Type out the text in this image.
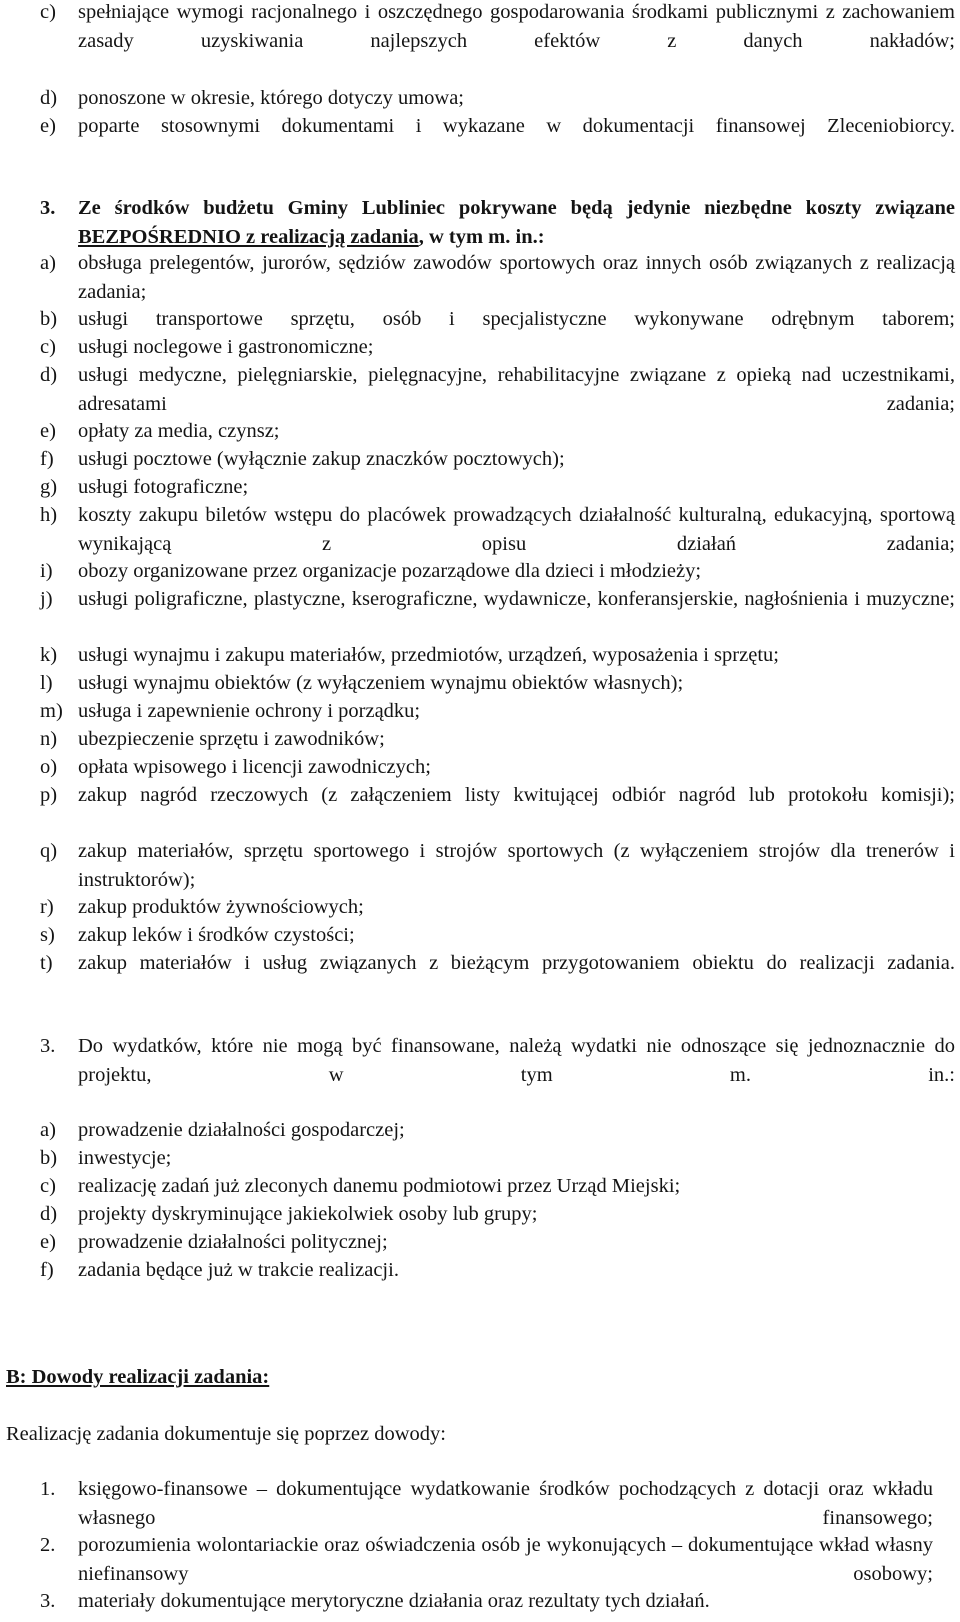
c) spełniające wymogi racjonalnego i oszczędnego gospodarowania środkami publicznymi z zachowaniem zasady uzyskiwania najlepszych efektów z danych nakładów;
d) ponoszone w okresie, którego dotyczy umowa;
e) poparte stosownymi dokumentami i wykazane w dokumentacji finansowej Zleceniobiorcy.
3. Ze środków budżetu Gminy Lubliniec pokrywane będą jedynie niezbędne koszty związane BEZPOŚREDNIO z realizacją zadania, w tym m. in.:
a) obsługa prelegentów, jurorów, sędziów zawodów sportowych oraz innych osób związanych z realizacją zadania;
b) usługi transportowe sprzętu, osób i specjalistyczne wykonywane odrębnym taborem;
c) usługi noclegowe i gastronomiczne;
d) usługi medyczne, pielęgniarskie, pielęgnacyjne, rehabilitacyjne związane z opieką nad uczestnikami, adresatami zadania;
e) opłaty za media, czynsz;
f) usługi pocztowe (wyłącznie zakup znaczków pocztowych);
g) usługi fotograficzne;
h) koszty zakupu biletów wstępu do placówek prowadzących działalność kulturalną, edukacyjną, sportową wynikającą z opisu działań zadania;
i) obozy organizowane przez organizacje pozarządowe dla dzieci i młodzieży;
j) usługi poligraficzne, plastyczne, kserograficzne, wydawnicze, konferansjerskie, nagłośnienia i muzyczne;
k) usługi wynajmu i zakupu materiałów, przedmiotów, urządzeń, wyposażenia i sprzętu;
l) usługi wynajmu obiektów (z wyłączeniem wynajmu obiektów własnych);
m) usługa i zapewnienie ochrony i porządku;
n) ubezpieczenie sprzętu i zawodników;
o) opłata wpisowego i licencji zawodniczych;
p) zakup nagród rzeczowych (z załączeniem listy kwitującej odbiór nagród lub protokołu komisji);
q) zakup materiałów, sprzętu sportowego i strojów sportowych (z wyłączeniem strojów dla trenerów i instruktorów);
r) zakup produktów żywnościowych;
s) zakup leków i środków czystości;
t) zakup materiałów i usług związanych z bieżącym przygotowaniem obiektu do realizacji zadania.
3. Do wydatków, które nie mogą być finansowane, należą wydatki nie odnoszące się jednoznacznie do projektu, w tym m. in.:
a) prowadzenie działalności gospodarczej;
b) inwestycje;
c) realizację zadań już zleconych danemu podmiotowi przez Urząd Miejski;
d) projekty dyskryminujące jakiekolwiek osoby lub grupy;
e) prowadzenie działalności politycznej;
f) zadania będące już w trakcie realizacji.
B: Dowody realizacji zadania:
Realizację zadania dokumentuje się poprzez dowody:
1. księgowo-finansowe – dokumentujące wydatkowanie środków pochodzących z dotacji oraz wkładu własnego finansowego;
2. porozumienia wolontariackie oraz oświadczenia osób je wykonujących – dokumentujące wkład własny niefinansowy osobowy;
3. materiały dokumentujące merytoryczne działania oraz rezultaty tych działań.
